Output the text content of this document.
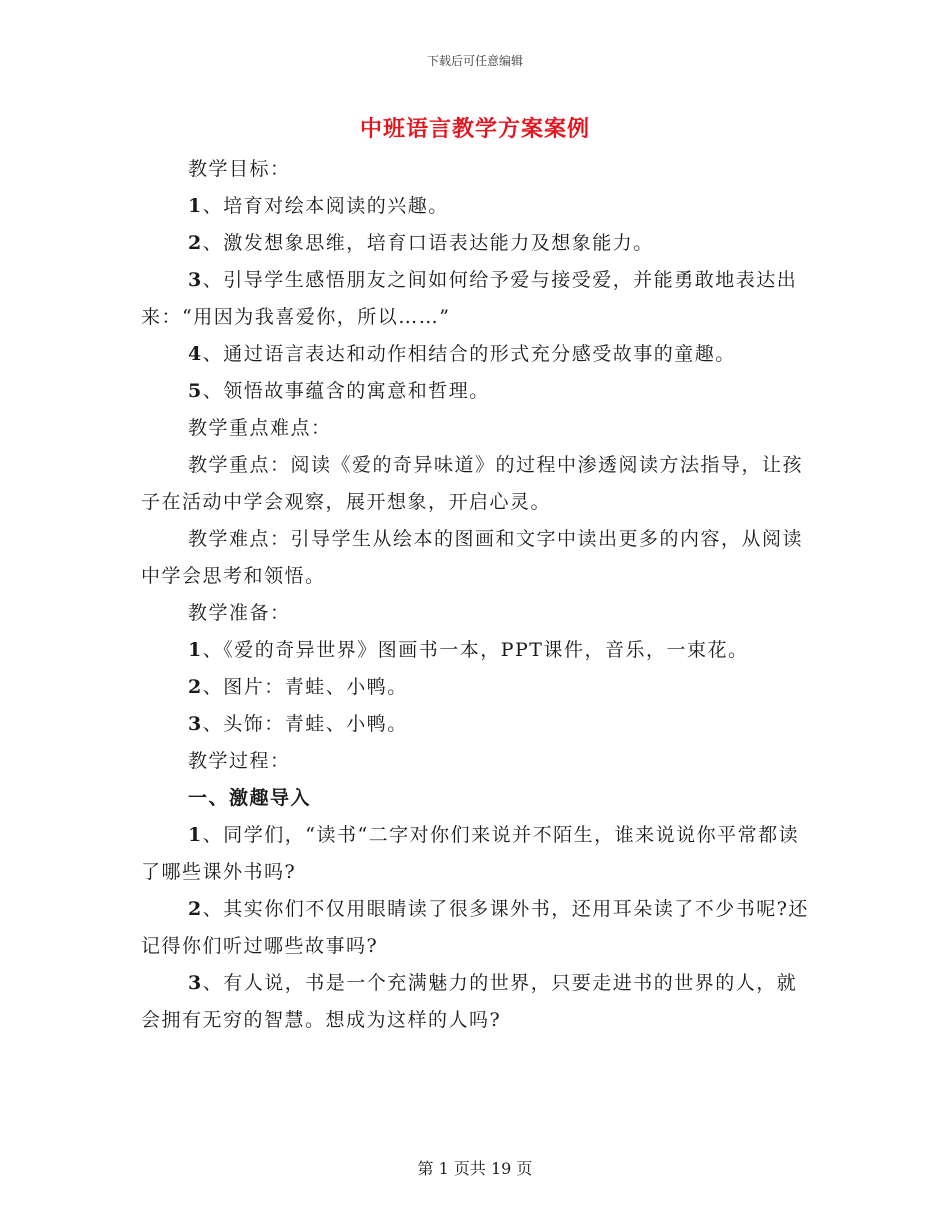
下载后可任意编辑
中班语言教学方案案例

教学目标：

1、培育对绘本阅读的兴趣。

2、激发想象思维，培育口语表达能力及想象能力。

3、引导学生感悟朋友之间如何给予爱与接受爱，并能勇敢地表达出来：“用因为我喜爱你，所以……”

4、通过语言表达和动作相结合的形式充分感受故事的童趣。

5、领悟故事蕴含的寓意和哲理。

教学重点难点：

教学重点：阅读《爱的奇异味道》的过程中渗透阅读方法指导，让孩子在活动中学会观察，展开想象，开启心灵。

教学难点：引导学生从绘本的图画和文字中读出更多的内容，从阅读中学会思考和领悟。

教学准备：

1、《爱的奇异世界》图画书一本，PPT课件，音乐，一束花。

2、图片：青蛙、小鸭。

3、头饰：青蛙、小鸭。

教学过程：

一、激趣导入

1、同学们，“读书“二字对你们来说并不陌生，谁来说说你平常都读了哪些课外书吗?

2、其实你们不仅用眼睛读了很多课外书，还用耳朵读了不少书呢?还记得你们听过哪些故事吗?

3、有人说，书是一个充满魅力的世界，只要走进书的世界的人，就会拥有无穷的智慧。想成为这样的人吗?

第 1 页共 19 页
